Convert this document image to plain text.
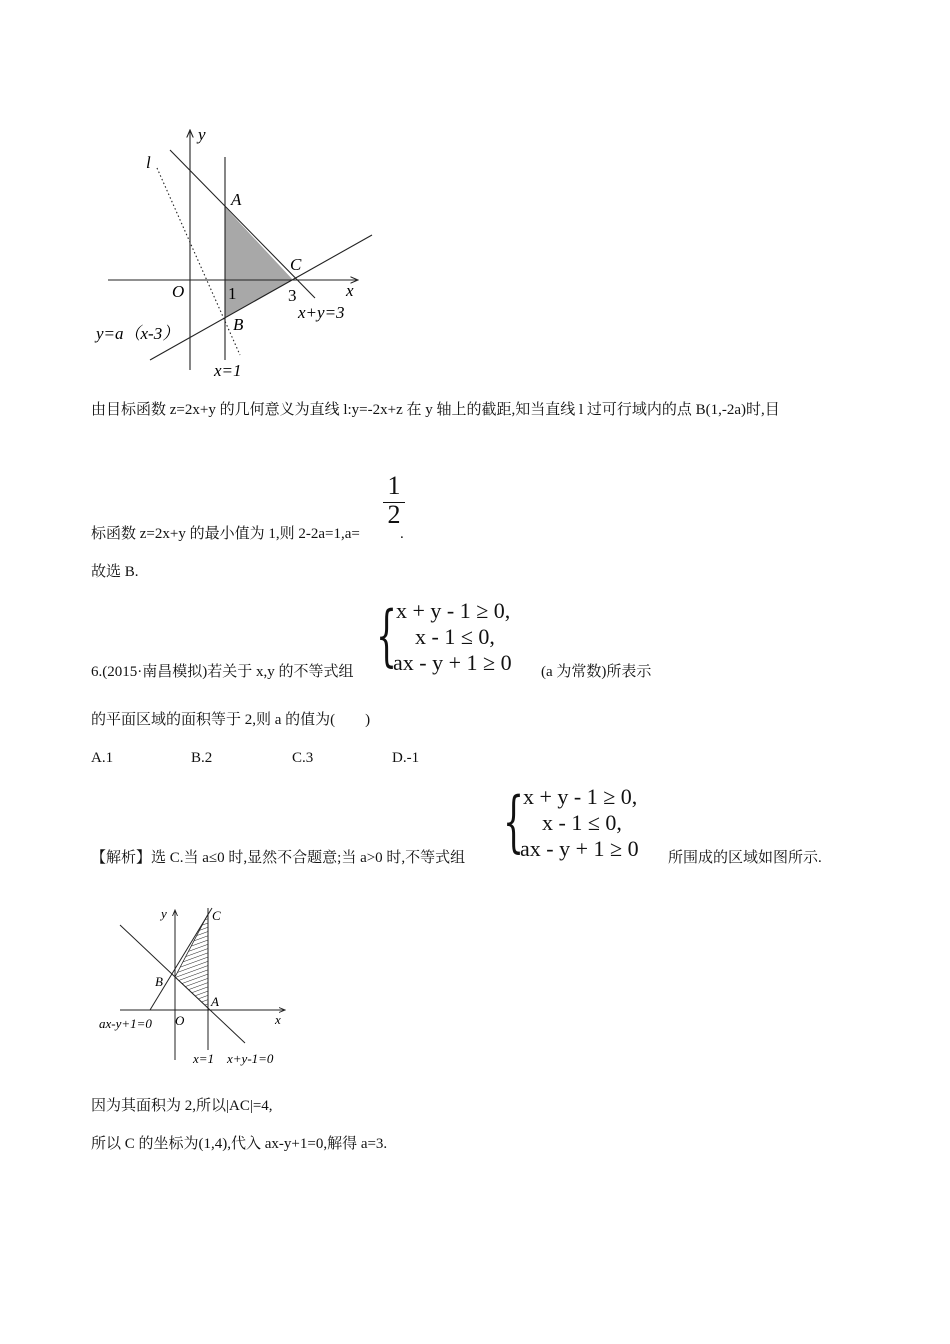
y
l
A
C
O	1	3	x
B
x+y=3
y=a（x-3）
x=1
由目标函数 z=2x+y 的几何意义为直线 l:y=-2x+z 在 y 轴上的截距,知当直线 l 过可行域内的点 B(1,-2a)时,目
1
2
标函数 z=2x+y 的最小值为 1,则 2-2a=1,a=	.
故选 B.
6.(2015·南昌模拟)若关于 x,y 的不等式组 { x + y - 1 ≥ 0,
x - 1 ≤ 0,
ax - y + 1 ≥ 0 (a 为常数)所表示
的平面区域的面积等于 2,则 a 的值为(　　)
A.1	B.2	C.3	D.-1
【解析】选 C.当 a≤0 时,显然不合题意;当 a>0 时,不等式组 { x + y - 1 ≥ 0,
x - 1 ≤ 0,
ax - y + 1 ≥ 0 所围成的区域如图所示.
y	C
B
A
O	x
ax-y+1=0
x=1 x+y-1=0
因为其面积为 2,所以|AC|=4,
所以 C 的坐标为(1,4),代入 ax-y+1=0,解得 a=3.
